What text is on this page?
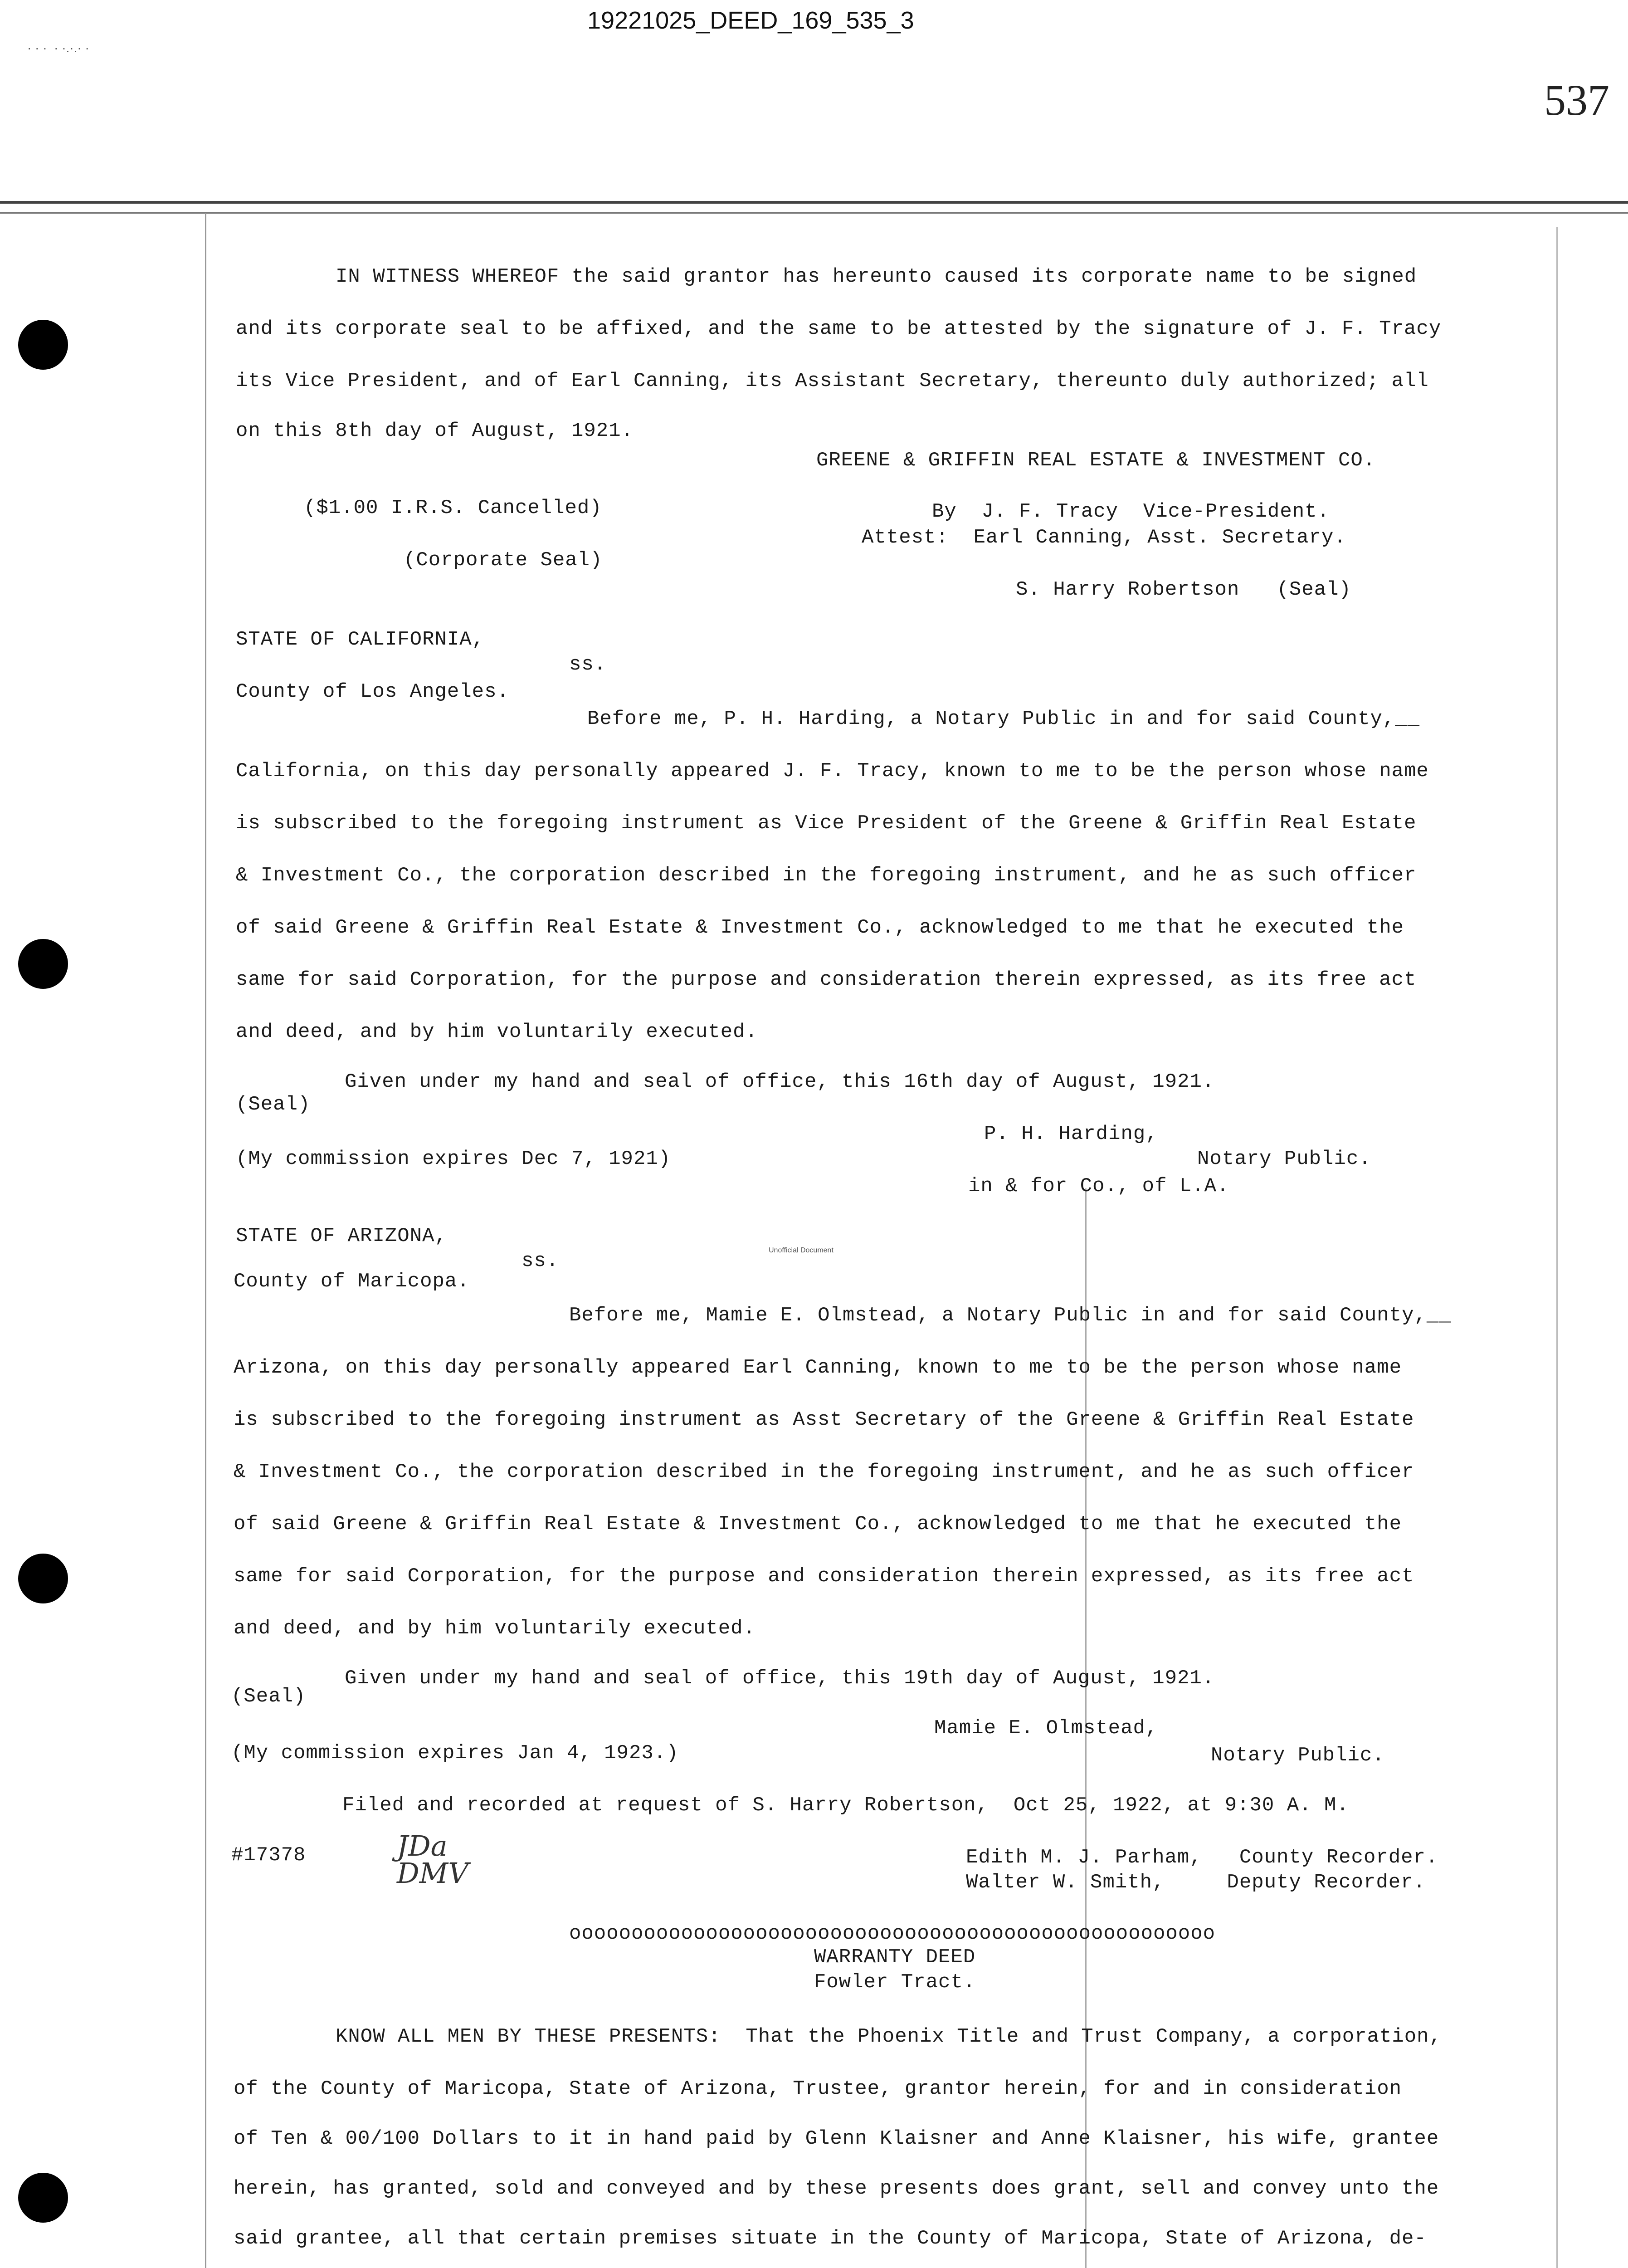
19221025_DEED_169_535_3
· · ·  · ·.·.· ·
537
IN WITNESS WHEREOF the said grantor has hereunto caused its corporate name to be signed
and its corporate seal to be affixed, and the same to be attested by the signature of J. F. Tracy
its Vice President, and of Earl Canning, its Assistant Secretary, thereunto duly authorized; all
on this 8th day of August, 1921.
GREENE & GRIFFIN REAL ESTATE & INVESTMENT CO.
($1.00 I.R.S. Cancelled)	By  J. F. Tracy  Vice-President.
Attest:  Earl Canning, Asst. Secretary.
(Corporate Seal)
S. Harry Robertson   (Seal)
STATE OF CALIFORNIA,
ss.
County of Los Angeles.
Before me, P. H. Harding, a Notary Public in and for said County,__
California, on this day personally appeared J. F. Tracy, known to me to be the person whose name
is subscribed to the foregoing instrument as Vice President of the Greene & Griffin Real Estate
& Investment Co., the corporation described in the foregoing instrument, and he as such officer
of said Greene & Griffin Real Estate & Investment Co., acknowledged to me that he executed the
same for said Corporation, for the purpose and consideration therein expressed, as its free act
and deed, and by him voluntarily executed.
Given under my hand and seal of office, this 16th day of August, 1921.
(Seal)
P. H. Harding,
(My commission expires Dec 7, 1921)	Notary Public.
in & for Co., of L.A.
Unofficial Document
STATE OF ARIZONA,
ss.
County of Maricopa.
Before me, Mamie E. Olmstead, a Notary Public in and for said County,__
Arizona, on this day personally appeared Earl Canning, known to me to be the person whose name
is subscribed to the foregoing instrument as Asst Secretary of the Greene & Griffin Real Estate
& Investment Co., the corporation described in the foregoing instrument, and he as such officer
of said Greene & Griffin Real Estate & Investment Co., acknowledged to me that he executed the
same for said Corporation, for the purpose and consideration therein expressed, as its free act
and deed, and by him voluntarily executed.
Given under my hand and seal of office, this 19th day of August, 1921.
(Seal)
Mamie E. Olmstead,
(My commission expires Jan 4, 1923.)	Notary Public.
Filed and recorded at request of S. Harry Robertson,  Oct 25, 1922, at 9:30 A. M.
#17378	JDa
DMV	Edith M. J. Parham,   County Recorder.
Walter W. Smith,     Deputy Recorder.
oooooooooooooooooooooooooooooooooooooooooooooooooooo
WARRANTY DEED
Fowler Tract.
KNOW ALL MEN BY THESE PRESENTS:  That the Phoenix Title and Trust Company, a corporation,
of the County of Maricopa, State of Arizona, Trustee, grantor herein, for and in consideration
of Ten & 00/100 Dollars to it in hand paid by Glenn Klaisner and Anne Klaisner, his wife, grantee
herein, has granted, sold and conveyed and by these presents does grant, sell and convey unto the
said grantee, all that certain premises situate in the County of Maricopa, State of Arizona, de-
